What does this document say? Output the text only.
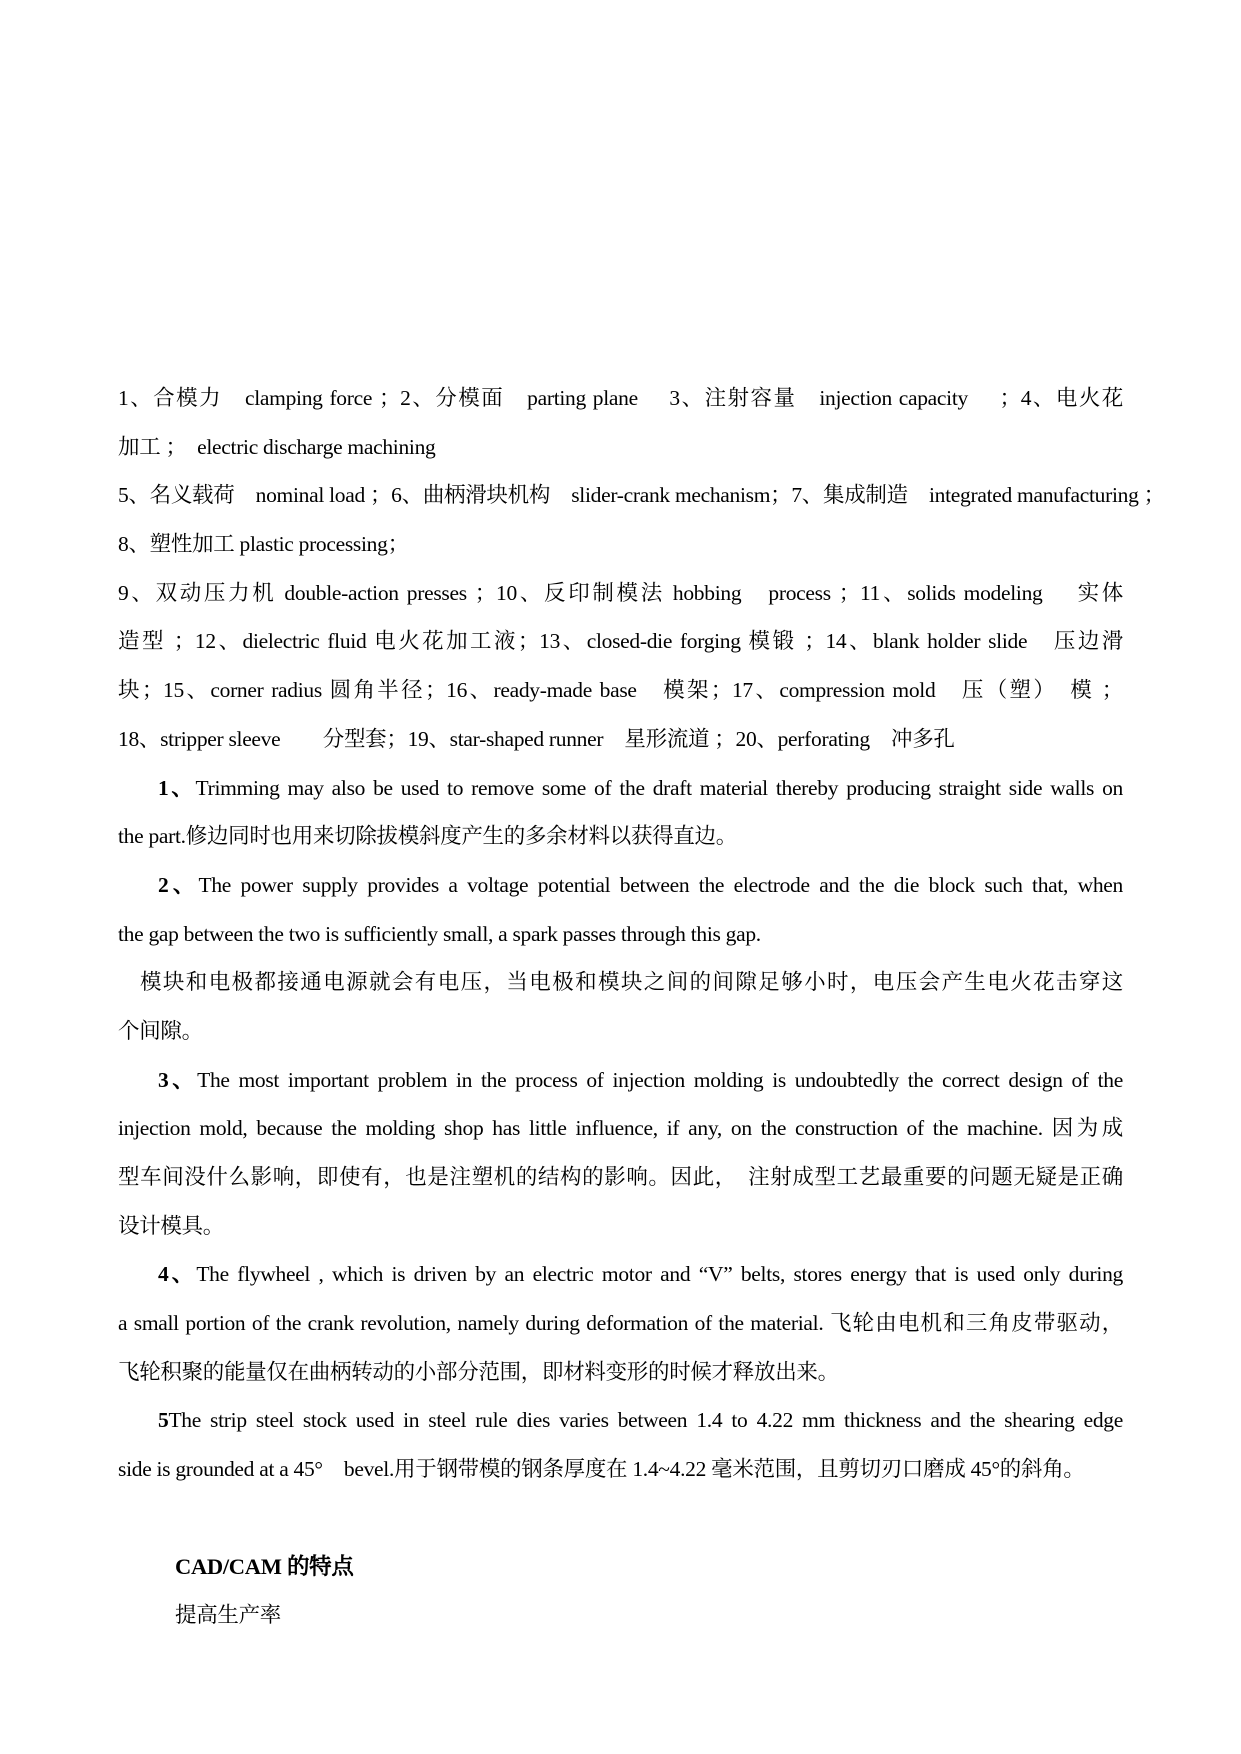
1、合模力　clamping force ；2、分模面　parting plane　 3、注射容量　injection capacity　 ；4、电火花
加工 ；　electric discharge machining
5、名义载荷　nominal load ；6、曲柄滑块机构　slider-crank mechanism；7、集成制造　integrated manufacturing ；
8、塑性加工 plastic processing；
9、双动压力机 double-action presses ；10、反印制模法 hobbing　process ；11、solids modeling　 实体
造型 ；12、dielectric fluid 电火花加工液；13、closed-die forging 模锻 ；14、blank holder slide　压边滑
块；15、corner radius 圆角半径；16、ready-made base　模架；17、compression mold　压（塑）　模 ；
18、stripper sleeve　　分型套；19、star-shaped runner　星形流道 ；20、perforating　冲多孔
1、Trimming may also be used to remove some of the draft material thereby producing straight side walls on
the part.修边同时也用来切除拔模斜度产生的多余材料以获得直边。
2、The power supply provides a voltage potential between the electrode and the die block such that, when
the gap between the two is sufficiently small, a spark passes through this gap.
模块和电极都接通电源就会有电压，当电极和模块之间的间隙足够小时，电压会产生电火花击穿这
个间隙。
3、The most important problem in the process of injection molding is undoubtedly the correct design of the
injection mold, because the molding shop has little influence, if any, on the construction of the machine. 因为成
型车间没什么影响，即使有，也是注塑机的结构的影响。因此，　注射成型工艺最重要的问题无疑是正确
设计模具。
4、The flywheel , which is driven by an electric motor and “V” belts, stores energy that is used only during
a small portion of the crank revolution, namely during deformation of the material. 飞轮由电机和三角皮带驱动，
飞轮积聚的能量仅在曲柄转动的小部分范围，即材料变形的时候才释放出来。
5The strip steel stock used in steel rule dies varies between 1.4 to 4.22 mm thickness and the shearing edge
side is grounded at a 45°　bevel.用于钢带模的钢条厚度在 1.4~4.22 毫米范围，且剪切刃口磨成 45°的斜角。
CAD/CAM 的特点
提高生产率
